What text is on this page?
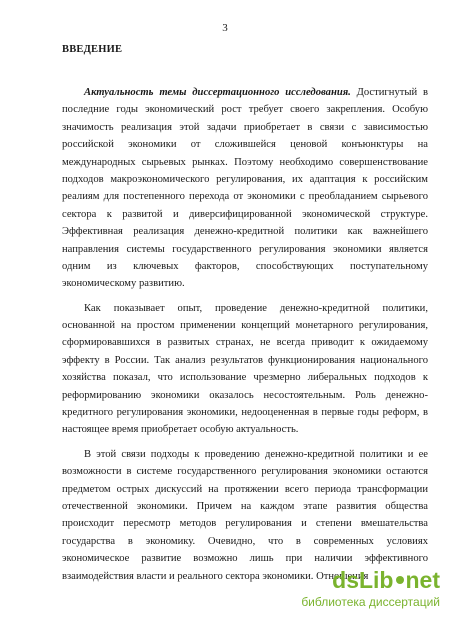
3
ВВЕДЕНИЕ
Актуальность темы диссертационного исследования. Достигнутый в
последние годы экономический рост требует своего закрепления. Особую
значимость реализация этой задачи приобретает в связи с зависимостью
российской экономики от сложившейся ценовой конъюнктуры на
международных сырьевых рынках. Поэтому необходимо совершенствование
подходов макроэкономического регулирования, их адаптация к российским
реалиям для постепенного перехода от экономики с преобладанием сырьевого
сектора к развитой и диверсифицированной экономической структуре.
Эффективная реализация денежно-кредитной политики как важнейшего
направления системы государственного регулирования экономики является
одним из ключевых факторов, способствующих поступательному
экономическому развитию.
Как показывает опыт, проведение денежно-кредитной политики,
основанной на простом применении концепций монетарного регулирования,
сформировавшихся в развитых странах, не всегда приводит к ожидаемому
эффекту в России. Так анализ результатов функционирования национального
хозяйства показал, что использование чрезмерно либеральных подходов к
реформированию экономики оказалось несостоятельным. Роль денежно-
кредитного регулирования экономики, недооцененная в первые годы реформ, в
настоящее время приобретает особую актуальность.
В этой связи подходы к проведению денежно-кредитной политики и ее
возможности в системе государственного регулирования экономики остаются
предметом острых дискуссий на протяжении всего периода трансформации
отечественной экономики. Причем на каждом этапе развития общества
происходит пересмотр методов регулирования и степени вмешательства
государства в экономику. Очевидно, что в современных условиях
экономическое развитие возможно лишь при наличии эффективного
взаимодействия власти и реального сектора экономики. Отношения
dsLib net
библиотека диссертаций
